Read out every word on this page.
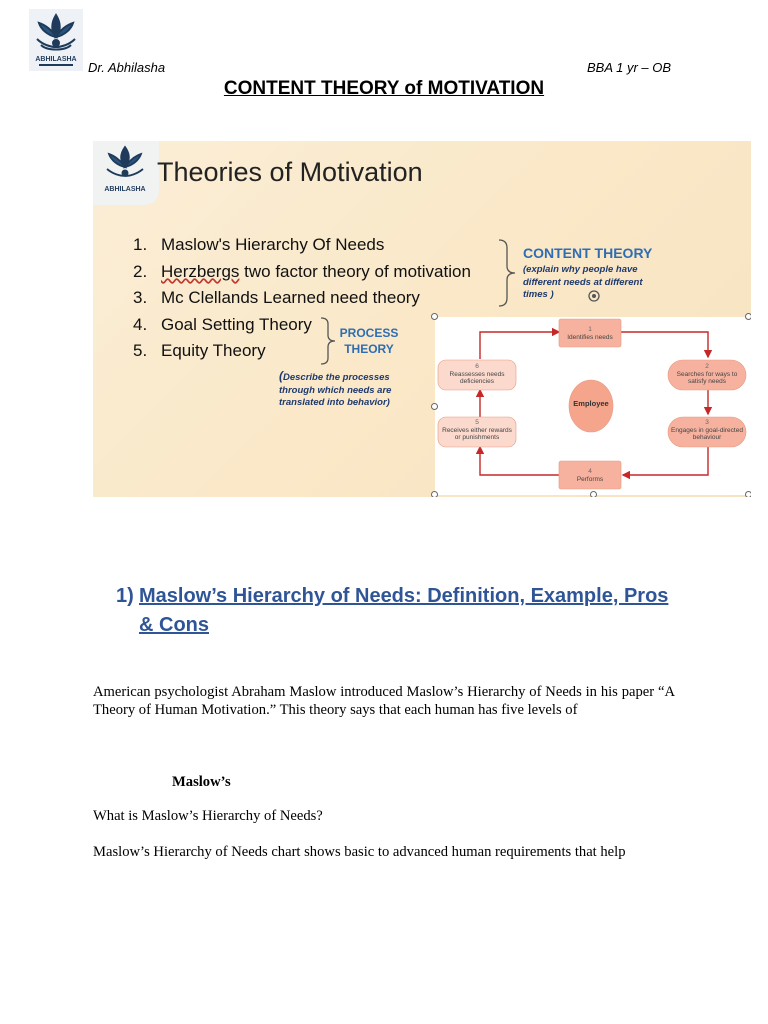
ABHILASHA
Dr. Abhilasha	BBA 1 yr – OB
CONTENT THEORY of MOTIVATION
ABHILASHA
Theories of Motivation
1. Maslow's Hierarchy Of Needs
2. Herzbergs two factor theory of motivation
3. Mc Clellands Learned need theory
4. Goal Setting Theory
5. Equity Theory
CONTENT THEORY
(explain why people have different needs at different times )
PROCESS
THEORY
(Describe the processes through which needs are translated into behavior)
1
Identifies needs
2
Searches for ways to satisfy needs
3
Engages in goal-directed behaviour
4
Performs
5
Receives either rewards or punishments
6
Reassesses needs deficiencies
Employee
1) Maslow’s Hierarchy of Needs: Definition, Example, Pros & Cons
American psychologist Abraham Maslow introduced Maslow’s Hierarchy of Needs in his paper “A Theory of Human Motivation.” This theory says that each human has five levels of
Maslow’s
What is Maslow’s Hierarchy of Needs?
Maslow’s Hierarchy of Needs chart shows basic to advanced human requirements that help
